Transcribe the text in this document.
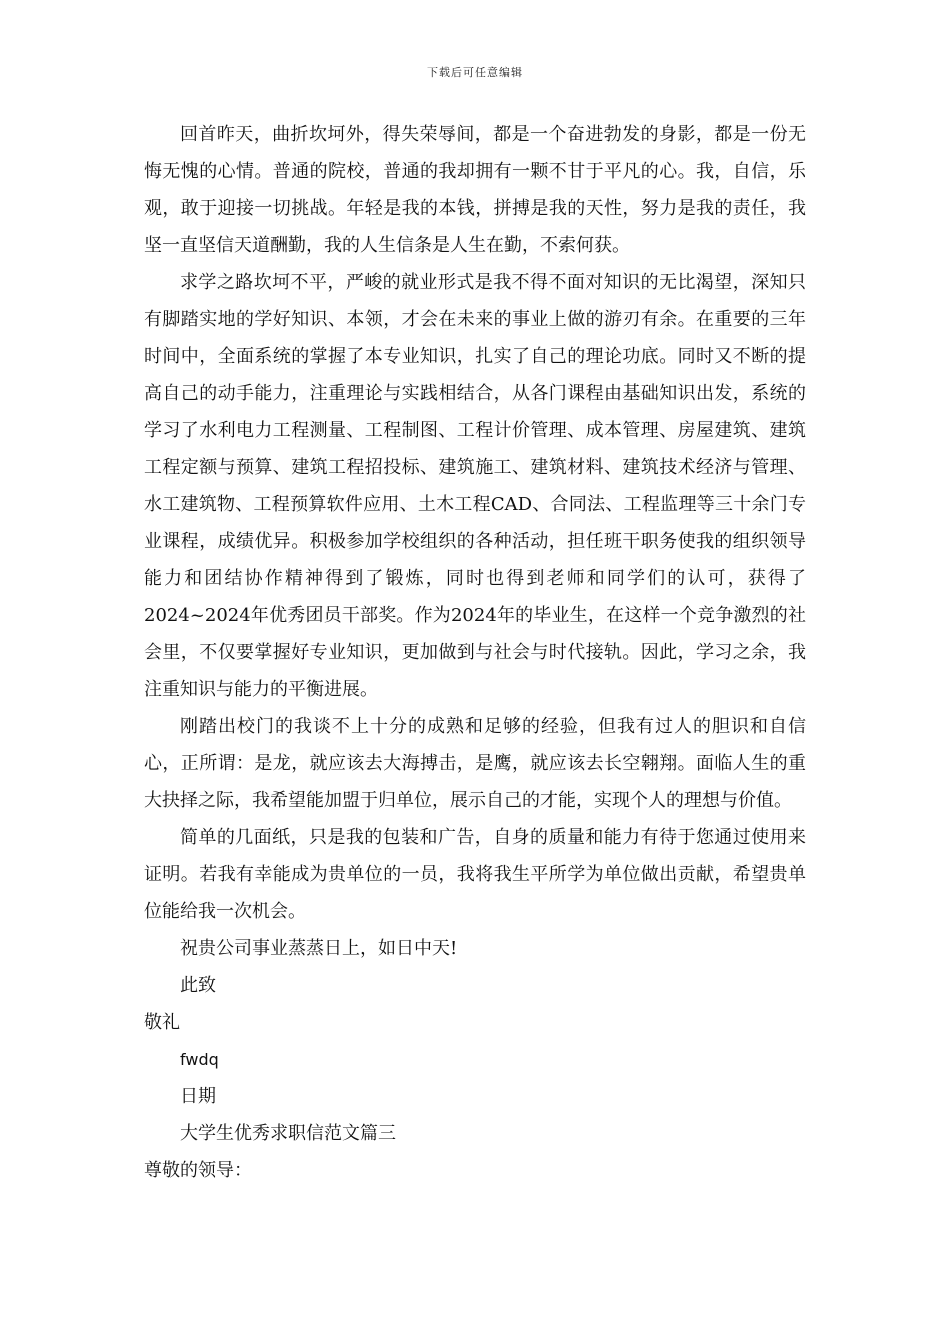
下载后可任意编辑

回首昨天，曲折坎坷外，得失荣辱间，都是一个奋进勃发的身影，都是一份无悔无愧的心情。普通的院校，普通的我却拥有一颗不甘于平凡的心。我，自信，乐观，敢于迎接一切挑战。年轻是我的本钱，拼搏是我的天性，努力是我的责任，我坚一直坚信天道酬勤，我的人生信条是人生在勤，不索何获。

求学之路坎坷不平，严峻的就业形式是我不得不面对知识的无比渴望，深知只有脚踏实地的学好知识、本领，才会在未来的事业上做的游刃有余。在重要的三年时间中，全面系统的掌握了本专业知识，扎实了自己的理论功底。同时又不断的提高自己的动手能力，注重理论与实践相结合，从各门课程由基础知识出发，系统的学习了水利电力工程测量、工程制图、工程计价管理、成本管理、房屋建筑、建筑工程定额与预算、建筑工程招投标、建筑施工、建筑材料、建筑技术经济与管理、水工建筑物、工程预算软件应用、土木工程CAD、合同法、工程监理等三十余门专业课程，成绩优异。积极参加学校组织的各种活动，担任班干职务使我的组织领导能力和团结协作精神得到了锻炼，同时也得到老师和同学们的认可，获得了2024~2024年优秀团员干部奖。作为2024年的毕业生，在这样一个竞争激烈的社会里，不仅要掌握好专业知识，更加做到与社会与时代接轨。因此，学习之余，我注重知识与能力的平衡进展。

刚踏出校门的我谈不上十分的成熟和足够的经验，但我有过人的胆识和自信心，正所谓：是龙，就应该去大海搏击，是鹰，就应该去长空翱翔。面临人生的重大抉择之际，我希望能加盟于归单位，展示自己的才能，实现个人的理想与价值。

简单的几面纸，只是我的包装和广告，自身的质量和能力有待于您通过使用来证明。若我有幸能成为贵单位的一员，我将我生平所学为单位做出贡献，希望贵单位能给我一次机会。

祝贵公司事业蒸蒸日上，如日中天!

此致

敬礼

fwdq

日期

大学生优秀求职信范文篇三

尊敬的领导：
